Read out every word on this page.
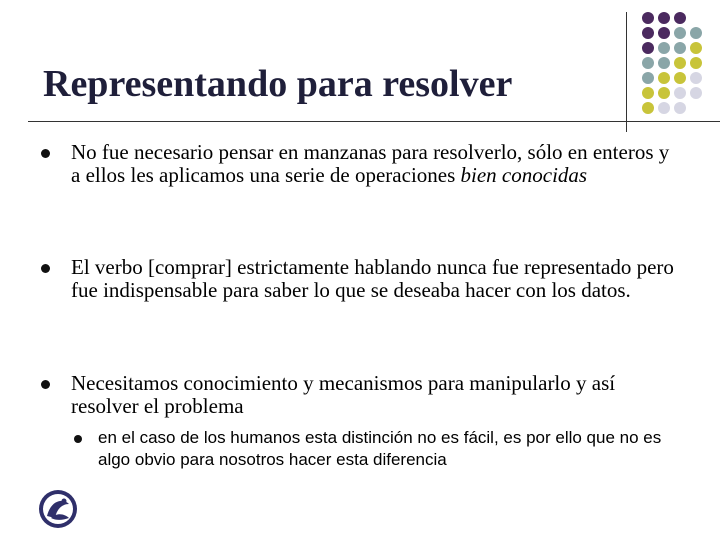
Representando para resolver
No fue necesario pensar en manzanas para resolverlo, sólo en enteros y a ellos les aplicamos una serie de operaciones bien conocidas
El verbo [comprar] estrictamente hablando nunca fue representado pero fue indispensable para saber lo que se deseaba hacer con los datos.
Necesitamos conocimiento y mecanismos para manipularlo y así resolver el problema
en el caso de los humanos esta distinción no es fácil, es por ello que no es algo obvio para nosotros hacer esta diferencia
